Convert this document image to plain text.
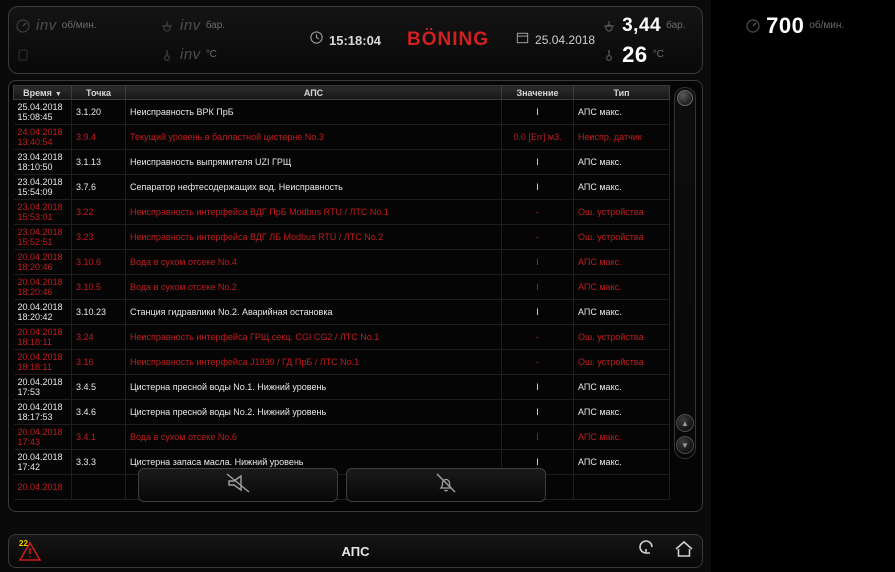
inv об/мин.	inv бар.
inv °C
15:18:04 BÖNING	25.04.2018
3,44 бар.	700 об/мин.
26 °C
Время ▼	Точка	АПС	Значение	Тип

25.04.2018
15:08:45	3.1.20	Неисправность ВРК ПрБ	I	АПС макс.

24.04.2018
13:40:54	3.9.4	Текущий уровень в балластной цистерне No.3	0.0 [Err] м3.	Неиспр. датчик

23.04.2018
18:10:50	3.1.13	Неисправность выпрямителя UZI ГРЩ	I	АПС макс.

23.04.2018
15:54:09	3.7.6	Сепаратор нефтесодержащих вод. Неисправность	I	АПС макс.

23.04.2018
15:53:01	3.22	Неисправность интерфейса ВДГ ПрБ Modbus RTU / ЛТС No.1	-	Ош. устройства

23.04.2018
15:52:51	3.23	Неисправность интерфейса ВДГ ЛБ Modbus RTU / ЛТС No.2	-	Ош. устройства

20.04.2018
18:20:46	3.10.6	Вода в сухом отсеке No.4	I	АПС макс.

20.04.2018
18:20:46	3.10.5	Вода в сухом отсеке No.2	I	АПС макс.

20.04.2018
18:20:42	3.10.23	Станция гидравлики No.2. Аварийная остановка	I	АПС макс.

20.04.2018
18:18:11	3.24	Неисправность интерфейса ГРЩ секц. CGI CG2 / ЛТС No.1	-	Ош. устройства

20.04.2018
18:18:11	3.16	Неисправность интерфейса J1939 / ГД ПрБ / ЛТС No.1	-	Ош. устройства

20.04.2018
17:53	3.4.5	Цистерна пресной воды No.1. Нижний уровень	I	АПС макс.

20.04.2018
18:17:53	3.4.6	Цистерна пресной воды No.2. Нижний уровень	I	АПС макс.

20.04.2018
17:43	3.4.1	Вода в сухом отсеке No.6	I	АПС макс.

20.04.2018
17:42	3.3.3	Цистерна запаса масла. Нижний уровень	I	АПС макс.

20.04.2018				

▲
▼
22	АПС
